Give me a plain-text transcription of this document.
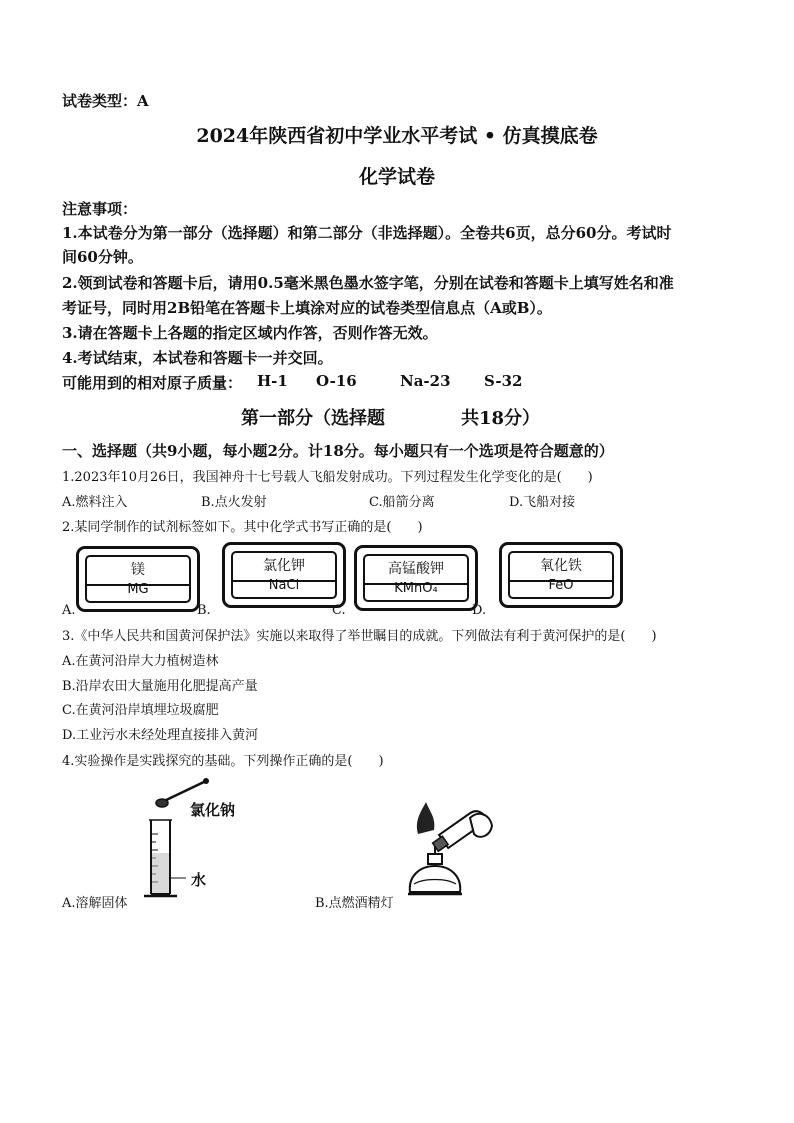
试卷类型：A
2024年陕西省初中学业水平考试 • 仿真摸底卷
化学试卷
注意事项：
1.本试卷分为第一部分（选择题）和第二部分（非选择题）。全卷共6页，总分60分。考试时
间60分钟。
2.领到试卷和答题卡后，请用0.5毫米黑色墨水签字笔，分别在试卷和答题卡上填写姓名和准
考证号，同时用2B铅笔在答题卡上填涂对应的试卷类型信息点（A或B）。
3.请在答题卡上各题的指定区域内作答，否则作答无效。
4.考试结束，本试卷和答题卡一并交回。
可能用到的相对原子质量： H-1 O-16	Na-23 S-32
第一部分（选择题	共18分）
一、选择题（共9小题，每小题2分。计18分。每小题只有一个选项是符合题意的）
1.2023年10月26日，我国神舟十七号载人飞船发射成功。下列过程发生化学变化的是(　　)
A.燃料注入	B.点火发射	C.船箭分离	D.飞船对接
2.某同学制作的试剂标签如下。其中化学式书写正确的是(　　)
A.
镁
MG
B.
氯化钾
NaCl
C.
高锰酸钾
KMnO₄
D.
氧化铁
FeO
3.《中华人民共和国黄河保护法》实施以来取得了举世瞩目的成就。下列做法有利于黄河保护的是(　　)
A.在黄河沿岸大力植树造林
B.沿岸农田大量施用化肥提高产量
C.在黄河沿岸填埋垃圾腐肥
D.工业污水未经处理直接排入黄河
4.实验操作是实践探究的基础。下列操作正确的是(　　)
氯化钠
水
A.溶解固体	B.点燃酒精灯
